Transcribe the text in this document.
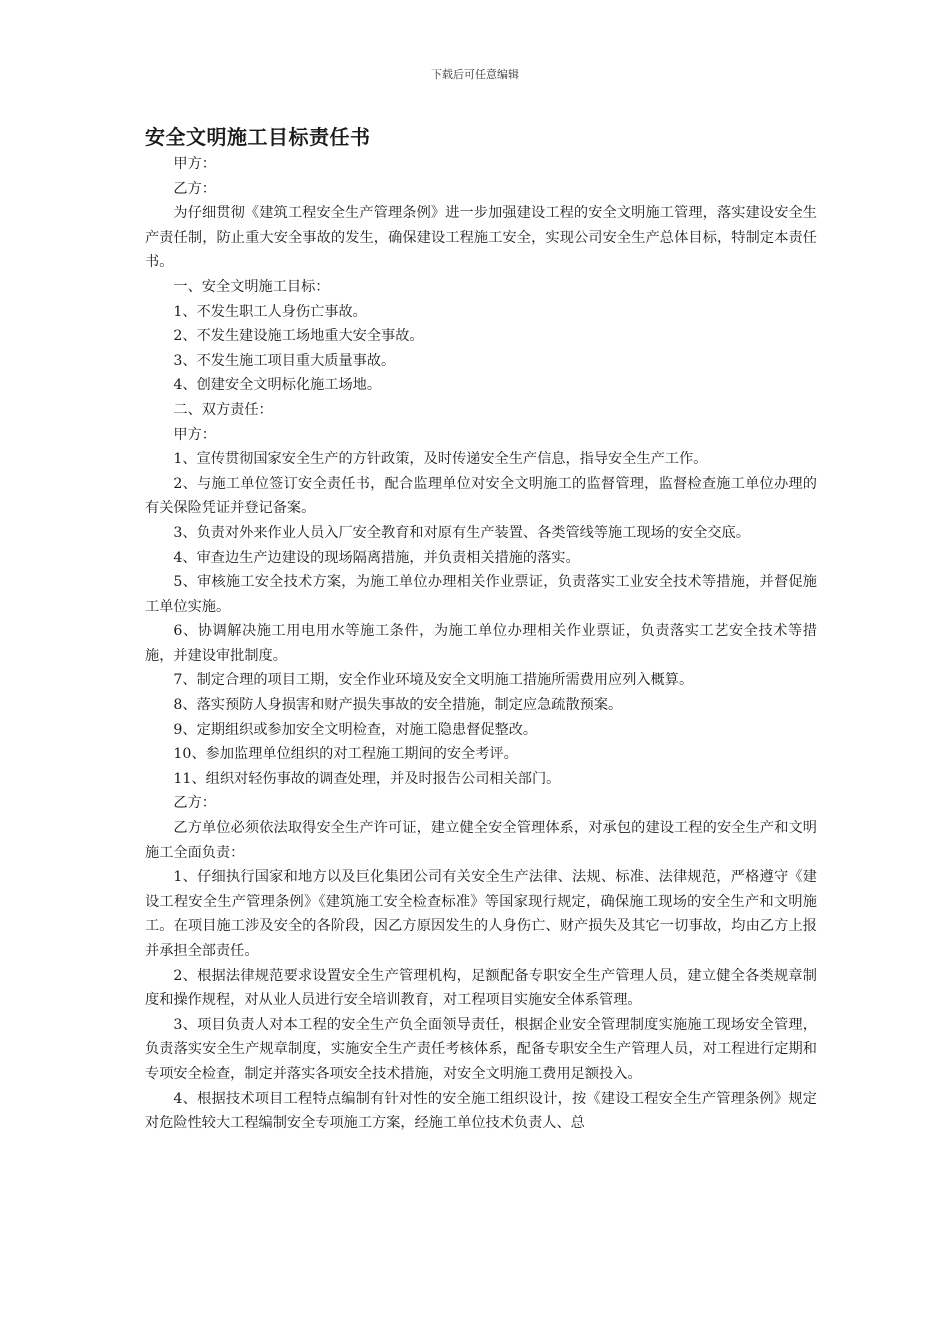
下载后可任意编辑
安全文明施工目标责任书

甲方：

乙方：

为仔细贯彻《建筑工程安全生产管理条例》进一步加强建设工程的安全文明施工管理，落实建设安全生产责任制，防止重大安全事故的发生，确保建设工程施工安全，实现公司安全生产总体目标，特制定本责任书。

一、安全文明施工目标：

1、不发生职工人身伤亡事故。

2、不发生建设施工场地重大安全事故。

3、不发生施工项目重大质量事故。

4、创建安全文明标化施工场地。

二、双方责任：

甲方：

1、宣传贯彻国家安全生产的方针政策，及时传递安全生产信息，指导安全生产工作。

2、与施工单位签订安全责任书，配合监理单位对安全文明施工的监督管理，监督检查施工单位办理的有关保险凭证并登记备案。

3、负责对外来作业人员入厂安全教育和对原有生产装置、各类管线等施工现场的安全交底。

4、审查边生产边建设的现场隔离措施，并负责相关措施的落实。

5、审核施工安全技术方案，为施工单位办理相关作业票证，负责落实工业安全技术等措施，并督促施工单位实施。

6、协调解决施工用电用水等施工条件，为施工单位办理相关作业票证，负责落实工艺安全技术等措施，并建设审批制度。

7、制定合理的项目工期，安全作业环境及安全文明施工措施所需费用应列入概算。

8、落实预防人身损害和财产损失事故的安全措施，制定应急疏散预案。

9、定期组织或参加安全文明检查，对施工隐患督促整改。

10、参加监理单位组织的对工程施工期间的安全考评。

11、组织对轻伤事故的调查处理，并及时报告公司相关部门。

乙方：

乙方单位必须依法取得安全生产许可证，建立健全安全管理体系，对承包的建设工程的安全生产和文明施工全面负责：

1、仔细执行国家和地方以及巨化集团公司有关安全生产法律、法规、标准、法律规范，严格遵守《建设工程安全生产管理条例》《建筑施工安全检查标准》等国家现行规定，确保施工现场的安全生产和文明施工。在项目施工涉及安全的各阶段，因乙方原因发生的人身伤亡、财产损失及其它一切事故，均由乙方上报并承担全部责任。

2、根据法律规范要求设置安全生产管理机构，足额配备专职安全生产管理人员，建立健全各类规章制度和操作规程，对从业人员进行安全培训教育，对工程项目实施安全体系管理。

3、项目负责人对本工程的安全生产负全面领导责任，根据企业安全管理制度实施施工现场安全管理，负责落实安全生产规章制度，实施安全生产责任考核体系，配备专职安全生产管理人员，对工程进行定期和专项安全检查，制定并落实各项安全技术措施，对安全文明施工费用足额投入。

4、根据技术项目工程特点编制有针对性的安全施工组织设计，按《建设工程安全生产管理条例》规定对危险性较大工程编制安全专项施工方案，经施工单位技术负责人、总
